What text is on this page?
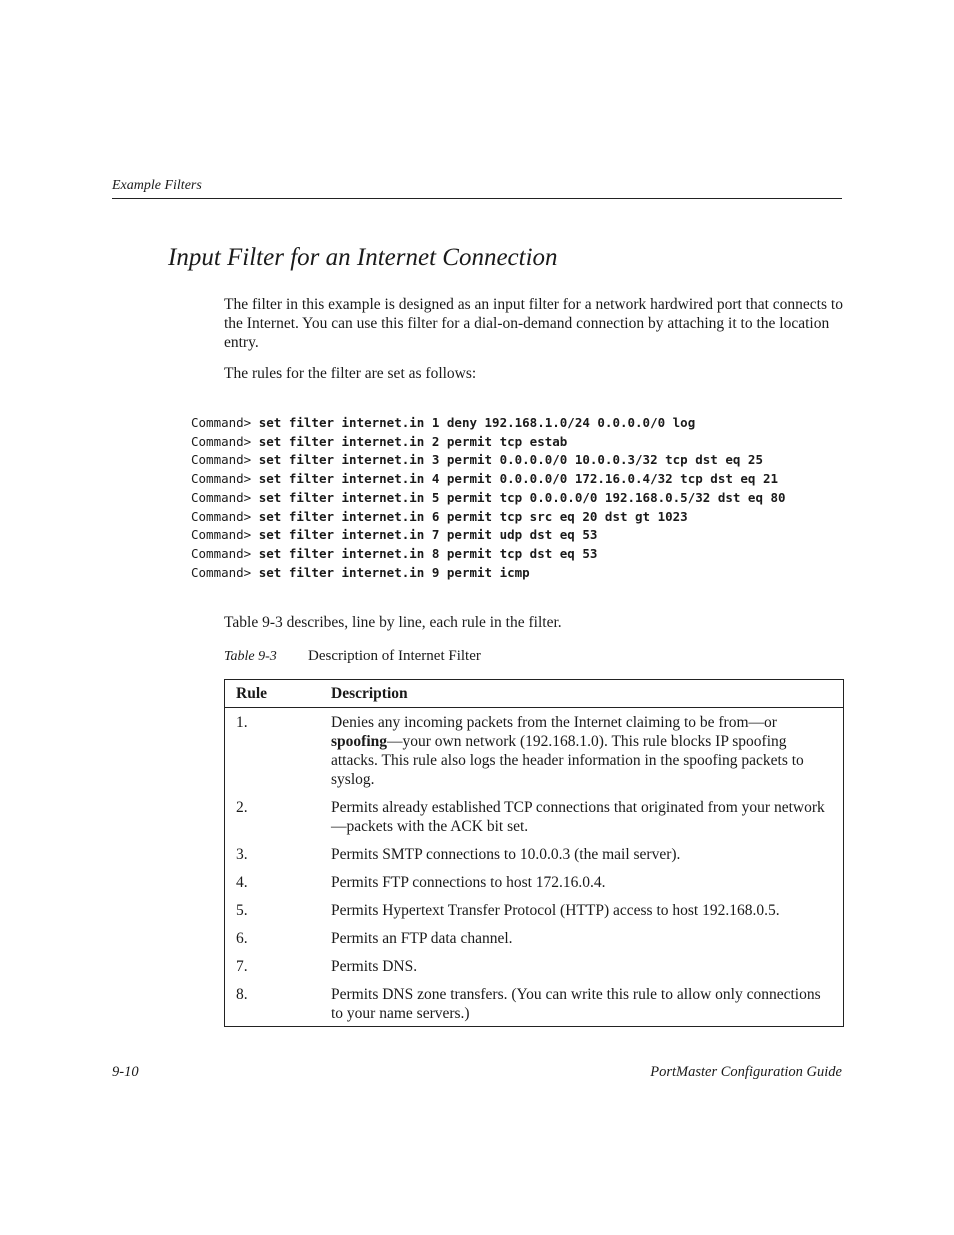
Example Filters
Input Filter for an Internet Connection

The filter in this example is designed as an input filter for a network hardwired port that connects to the Internet. You can use this filter for a dial-on-demand connection by attaching it to the location entry.

The rules for the filter are set as follows:

Command> set filter internet.in 1 deny 192.168.1.0/24 0.0.0.0/0 log
Command> set filter internet.in 2 permit tcp estab
Command> set filter internet.in 3 permit 0.0.0.0/0 10.0.0.3/32 tcp dst eq 25
Command> set filter internet.in 4 permit 0.0.0.0/0 172.16.0.4/32 tcp dst eq 21
Command> set filter internet.in 5 permit tcp 0.0.0.0/0 192.168.0.5/32 dst eq 80
Command> set filter internet.in 6 permit tcp src eq 20 dst gt 1023
Command> set filter internet.in 7 permit udp dst eq 53
Command> set filter internet.in 8 permit tcp dst eq 53
Command> set filter internet.in 9 permit icmp

Table 9-3 describes, line by line, each rule in the filter.

Table 9-3 Description of Internet Filter
Rule	Description
1.	Denies any incoming packets from the Internet claiming to be from—or spoofing—your own network (192.168.1.0). This rule blocks IP spoofing attacks. This rule also logs the header information in the spoofing packets to syslog.
2.	Permits already established TCP connections that originated from your network—packets with the ACK bit set.
3.	Permits SMTP connections to 10.0.0.3 (the mail server).
4.	Permits FTP connections to host 172.16.0.4.
5.	Permits Hypertext Transfer Protocol (HTTP) access to host 192.168.0.5.
6.	Permits an FTP data channel.
7.	Permits DNS.
8.	Permits DNS zone transfers. (You can write this rule to allow only connections to your name servers.)
9-10	PortMaster Configuration Guide
